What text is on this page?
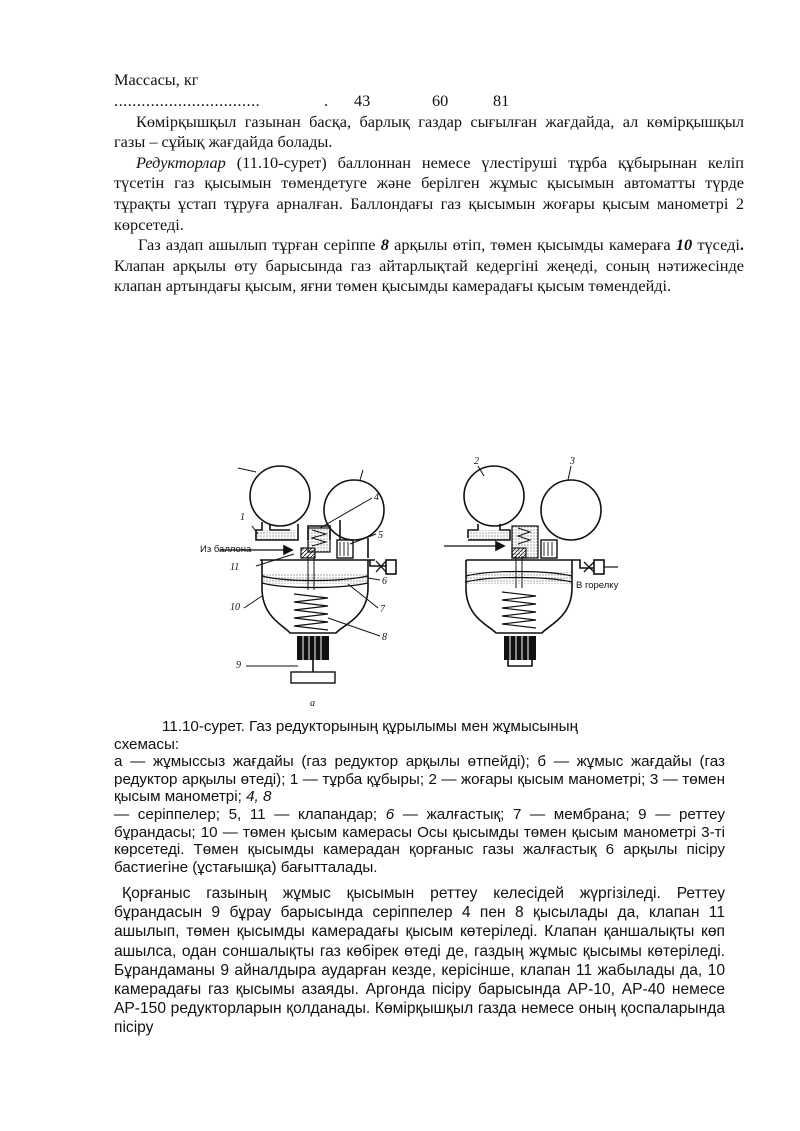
Массасы, кг
................................	. 43	60	81

Көмірқышқыл газынан басқа, барлық газдар сығылған жағдайда, ал көмірқышқыл газы – сұйық жағдайда болады.

Редукторлар (11.10-сурет) баллоннан немесе үлестіруші тұрба құбырынан келіп түсетін газ қысымын төмендетуге және берілген жұмыс қысымын автоматты түрде тұрақты ұстап тұруға арналған. Баллондағы газ қысымын жоғары қысым манометрі 2 көрсетеді.

Газ аздап ашылып тұрған серіппе 8 арқылы өтіп, төмен қысымды камераға 10 түседі. Клапан арқылы өту барысында газ айтарлықтай кедергіні жеңеді, соның нәтижесінде клапан артындағы қысым, яғни төмен қысымды камерадағы қысым төмендейді.

Из баллона
В горелку
а
1
4
5
11
6
10	7
8
9
2	3

11.10-сурет. Газ редукторының құрылымы мен жұмысының

схемасы:

а — жұмыссыз жағдайы (газ редуктор арқылы өтпейді); б — жұмыс жағдайы (газ редуктор арқылы өтеді); 1 — тұрба құбыры; 2 — жоғары қысым манометрі; 3 — төмен қысым манометрі; 4, 8

— серіппелер; 5, 11 — клапандар; 6 — жалғастық; 7 — мембрана; 9 — реттеу бұрандасы; 10 — төмен қысым камерасы Осы қысымды төмен қысым манометрі 3-ті көрсетеді. Төмен қысымды камерадан қорғаныс газы жалғастық 6 арқылы пісіру бастиегіне (ұстағышқа) бағытталады.

Қорғаныс газының жұмыс қысымын реттеу келесідей жүргізіледі. Реттеу бұрандасын 9 бұрау барысында серіппелер 4 пен 8 қысылады да, клапан 11 ашылып, төмен қысымды камерадағы қысым көтеріледі. Клапан қаншалықты көп ашылса, одан соншалықты газ көбірек өтеді де, газдың жұмыс қысымы көтеріледі. Бұрандаманы 9 айналдыра аударған кезде, керісінше, клапан 11 жабылады да, 10 камерадағы газ қысымы азаяды. Аргонда пісіру барысында АР-10, АР-40 немесе АР-150 редукторларын қолданады. Көмірқышқыл газда немесе оның қоспаларында пісіру
